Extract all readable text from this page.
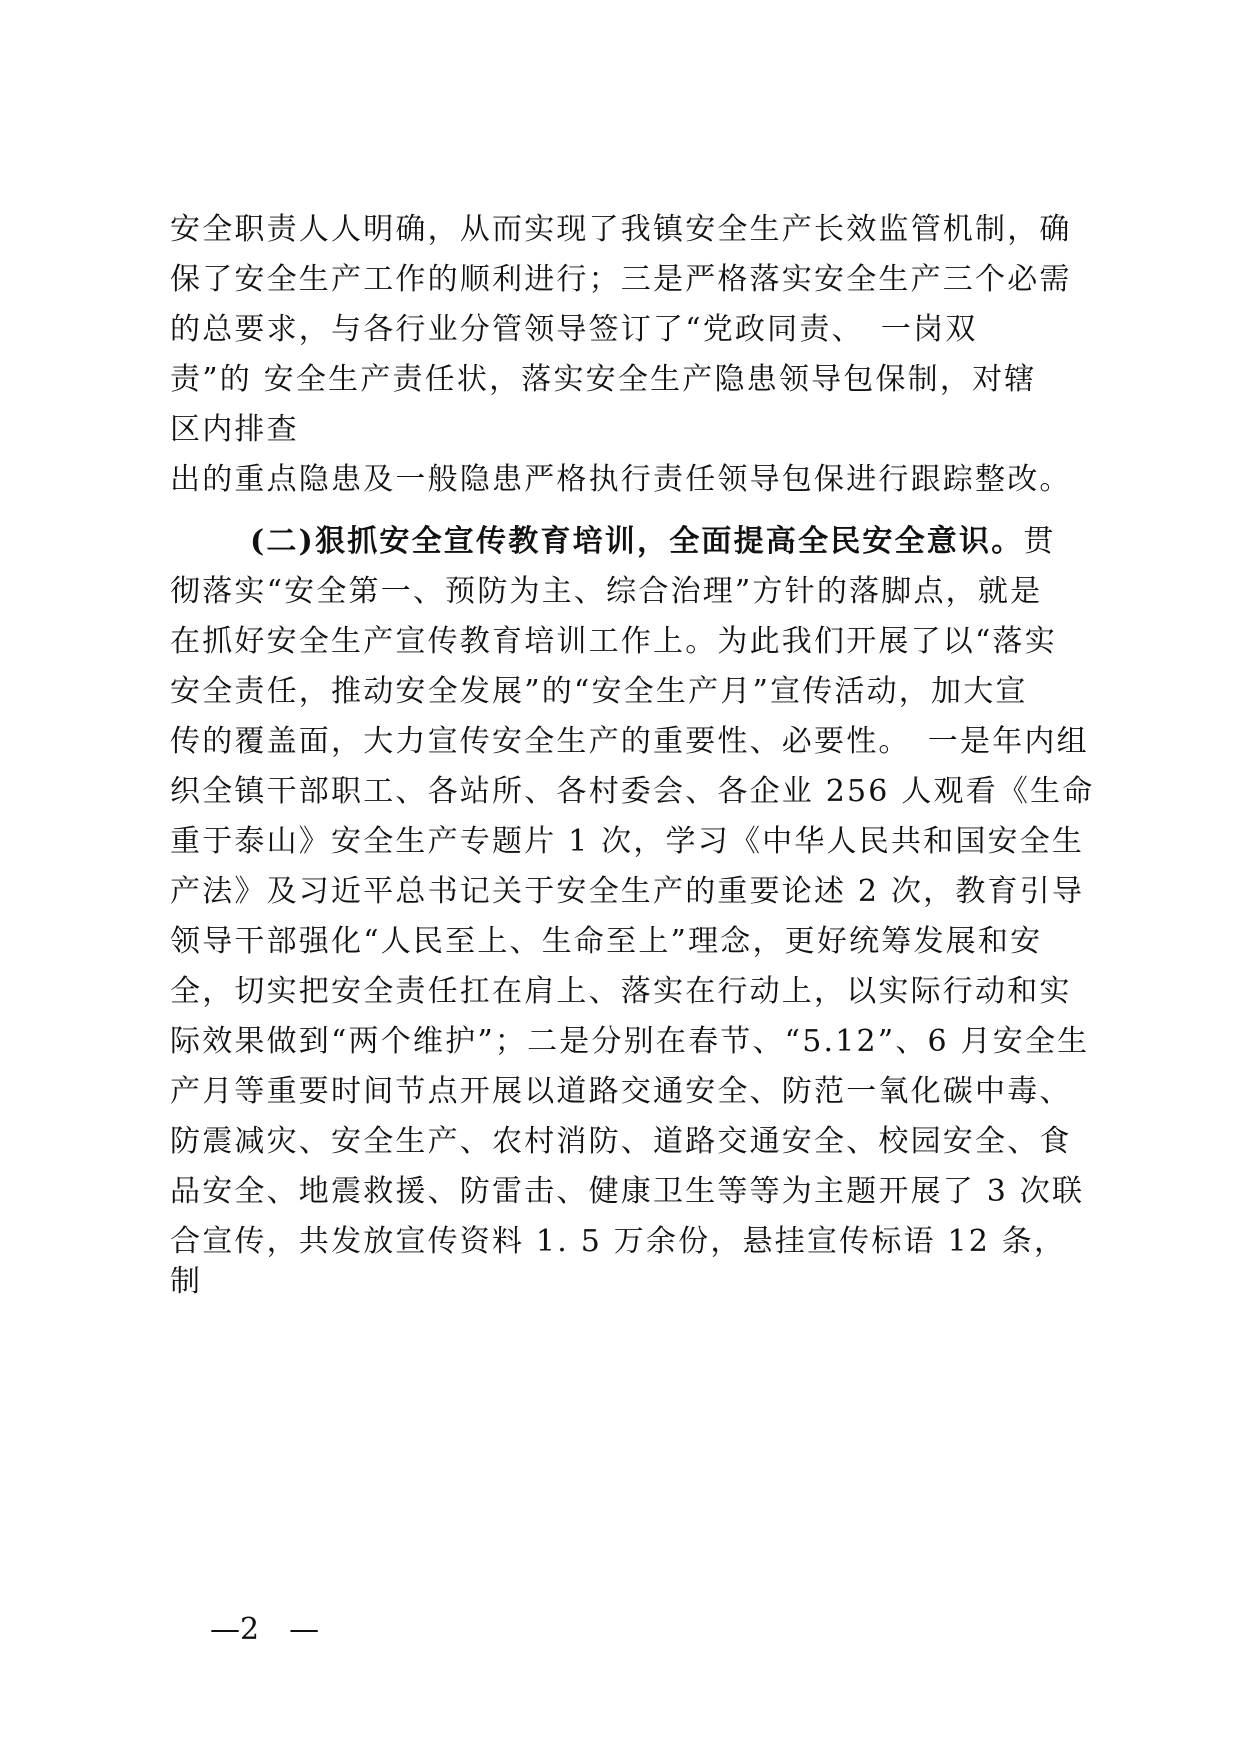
安全职责人人明确，从而实现了我镇安全生产长效监管机制，确
保了安全生产工作的顺利进行；三是严格落实安全生产三个必需
的总要求，与各行业分管领导签订了“党政同责、　一岗双
责”的 安全生产责任状，落实安全生产隐患领导包保制，对辖
区内排查
出的重点隐患及一般隐患严格执行责任领导包保进行跟踪整改。
(二)狠抓安全宣传教育培训，全面提高全民安全意识。贯
彻落实“安全第一、预防为主、综合治理”方针的落脚点，就是
在抓好安全生产宣传教育培训工作上。为此我们开展了以“落实
安全责任，推动安全发展”的“安全生产月”宣传活动，加大宣
传的覆盖面，大力宣传安全生产的重要性、必要性。　一是年内组
织全镇干部职工、各站所、各村委会、各企业 256 人观看《生命
重于泰山》安全生产专题片 1 次，学习《中华人民共和国安全生
产法》及习近平总书记关于安全生产的重要论述 2 次，教育引导
领导干部强化“人民至上、生命至上”理念，更好统筹发展和安
全，切实把安全责任扛在肩上、落实在行动上，以实际行动和实
际效果做到“两个维护”；二是分别在春节、“5.12”、6 月安全生
产月等重要时间节点开展以道路交通安全、防范一氧化碳中毒、
防震减灾、安全生产、农村消防、道路交通安全、校园安全、食
品安全、地震救援、防雷击、健康卫生等等为主题开展了 3 次联
合宣传，共发放宣传资料 1. 5 万余份，悬挂宣传标语 12 条，
制
—2　—
